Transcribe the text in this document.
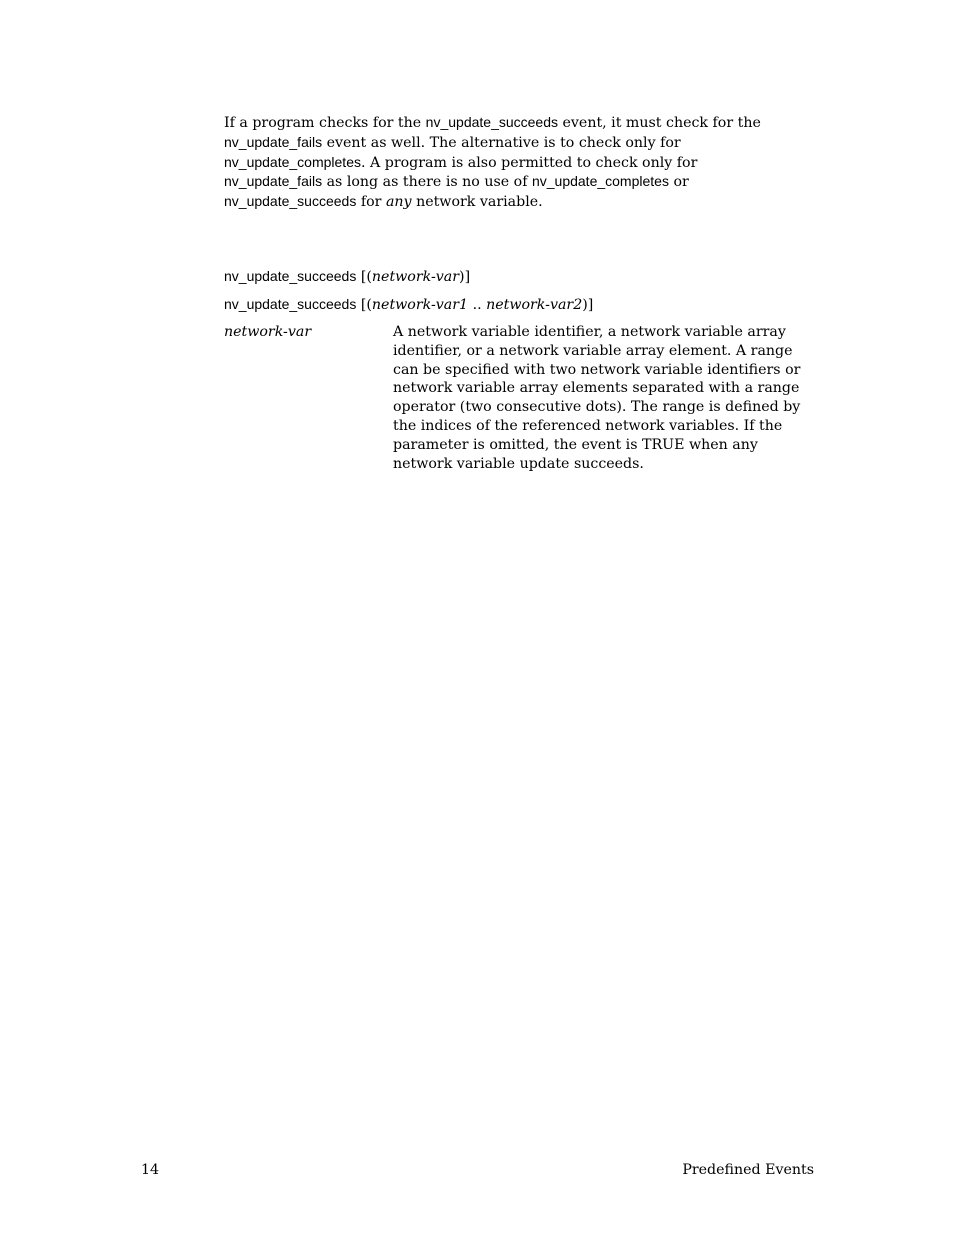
If a program checks for the nv_update_succeeds event, it must check for the
nv_update_fails event as well. The alternative is to check only for
nv_update_completes. A program is also permitted to check only for
nv_update_fails as long as there is no use of nv_update_completes or
nv_update_succeeds for any network variable.

nv_update_succeeds [(network-var)]

nv_update_succeeds [(network-var1 .. network-var2)]

network-var	A network variable identifier, a network variable array
identifier, or a network variable array element. A range
can be specified with two network variable identifiers or
network variable array elements separated with a range
operator (two consecutive dots). The range is defined by
the indices of the referenced network variables. If the
parameter is omitted, the event is TRUE when any
network variable update succeeds.

14	Predefined Events
